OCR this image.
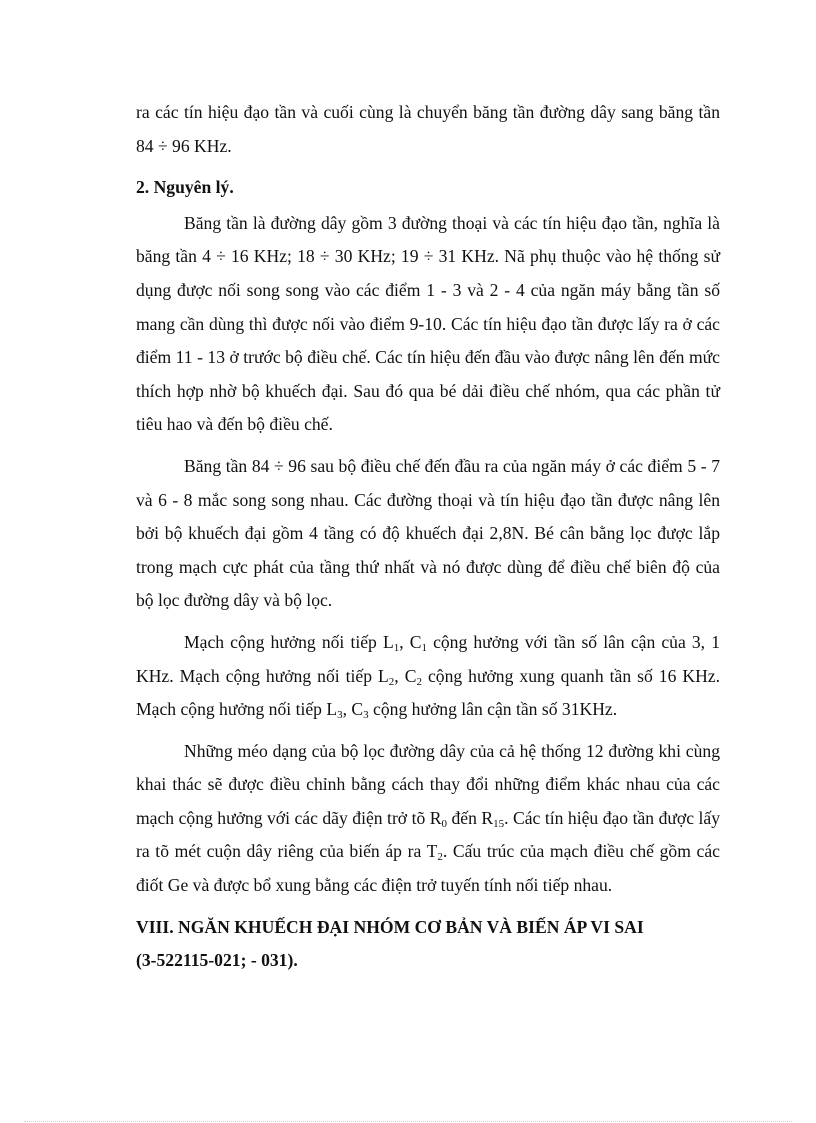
ra các tín hiệu đạo tần và cuối cùng là chuyển băng tần đường dây sang băng tần 84 ÷ 96 KHz.

2. Nguyên lý.

Băng tần là đường dây gồm 3 đường thoại và các tín hiệu đạo tần, nghĩa là băng tần 4 ÷ 16 KHz; 18 ÷ 30 KHz; 19 ÷ 31 KHz. Nã phụ thuộc vào hệ thống sử dụng được nối song song vào các điểm 1 - 3 và 2 - 4 của ngăn máy bằng tần số mang cần dùng thì được nối vào điểm 9-10. Các tín hiệu đạo tần được lấy ra ở các điểm 11 - 13 ở trước bộ điều chế. Các tín hiệu đến đầu vào được nâng lên đến mức thích hợp nhờ bộ khuếch đại. Sau đó qua bé dải điều chế nhóm, qua các phần tử tiêu hao và đến bộ điều chế.

Băng tần 84 ÷ 96 sau bộ điều chế đến đầu ra của ngăn máy ở các điểm 5 - 7 và 6 - 8 mắc song song nhau. Các đường thoại và tín hiệu đạo tần được nâng lên bởi bộ khuếch đại gồm 4 tầng có độ khuếch đại 2,8N. Bé cân bằng lọc được lắp trong mạch cực phát của tầng thứ nhất và nó được dùng để điều chế biên độ của bộ lọc đường dây và bộ lọc.

Mạch cộng hưởng nối tiếp $L_1$, $C_1$ cộng hưởng với tần số lân cận của 3, 1 KHz. Mạch cộng hưởng nối tiếp $L_2$, $C_2$ cộng hưởng xung quanh tần số 16 KHz. Mạch cộng hưởng nối tiếp $L_3$, $C_3$ cộng hưởng lân cận tần số 31KHz.

Những méo dạng của bộ lọc đường dây của cả hệ thống 12 đường khi cùng khai thác sẽ được điều chỉnh bằng cách thay đổi những điểm khác nhau của các mạch cộng hưởng với các dãy điện trở tõ $R_0$ đến $R_{15}$. Các tín hiệu đạo tần được lấy ra tõ mét cuộn dây riêng của biến áp ra $T_2$. Cấu trúc của mạch điều chế gồm các điốt Ge và được bổ xung bằng các điện trở tuyến tính nối tiếp nhau.

VIII. NGĂN KHUẾCH ĐẠI NHÓM CƠ BẢN VÀ BIẾN ÁP VI SAI

(3-522115-021; - 031).
